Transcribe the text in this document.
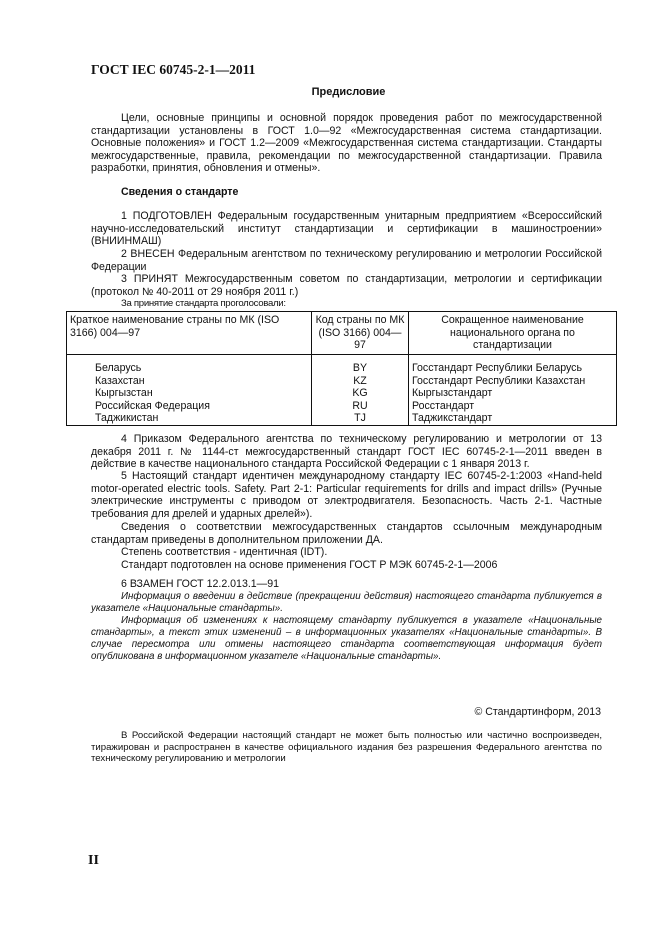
ГОСТ IEC 60745-2-1—2011
Предисловие
Цели, основные принципы и основной порядок проведения работ по межгосударственной стандартизации установлены в ГОСТ 1.0—92 «Межгосударственная система стандартизации. Основные положения» и ГОСТ 1.2—2009 «Межгосударственная система стандартизации. Стандарты межгосударственные, правила, рекомендации по межгосударственной стандартизации. Правила разработки, принятия, обновления и отмены».
Сведения о стандарте
1 ПОДГОТОВЛЕН Федеральным государственным унитарным предприятием «Всероссийский научно-исследовательский институт стандартизации и сертификации в машиностроении» (ВНИИНМАШ)
2 ВНЕСЕН Федеральным агентством по техническому регулированию и метрологии Российской Федерации
3 ПРИНЯТ Межгосударственным советом по стандартизации, метрологии и сертификации (протокол № 40-2011 от 29 ноября 2011 г.)
За принятие стандарта проголосовали:
Краткое наименование страны по МК (ISO 3166) 004—97	Код страны по МК (ISO 3166) 004—97	Сокращенное наименование национального органа по стандартизации

Беларусь	BY	Госстандарт Республики Беларусь
Казахстан	KZ	Госстандарт Республики Казахстан
Кыргызстан	KG	Кыргызстандарт
Российская Федерация	RU	Росстандарт
Таджикистан	TJ	Таджикстандарт
4 Приказом Федерального агентства по техническому регулированию и метрологии от 13 декабря 2011 г. № 1144-ст межгосударственный стандарт ГОСТ IEC 60745-2-1—2011 введен в действие в качестве национального стандарта Российской Федерации с 1 января 2013 г.
5 Настоящий стандарт идентичен международному стандарту IEC 60745-2-1:2003 «Hand-held motor-operated electric tools. Safety. Part 2-1: Particular requirements for drills and impact drills» (Ручные электрические инструменты с приводом от электродвигателя. Безопасность. Часть 2-1. Частные требования для дрелей и ударных дрелей»).
Сведения о соответствии межгосударственных стандартов ссылочным международным стандартам приведены в дополнительном приложении ДА.
Степень соответствия - идентичная (IDT).
Стандарт подготовлен на основе применения ГОСТ Р МЭК 60745-2-1—2006
6 ВЗАМЕН ГОСТ 12.2.013.1—91
Информация о введении в действие (прекращении действия) настоящего стандарта публикуется в указателе «Национальные стандарты».
Информация об изменениях к настоящему стандарту публикуется в указателе «Национальные стандарты», а текст этих изменений – в информационных указателях «Национальные стандарты». В случае пересмотра или отмены настоящего стандарта соответствующая информация будет опубликована в информационном указателе «Национальные стандарты».
© Стандартинформ, 2013
В Российской Федерации настоящий стандарт не может быть полностью или частично воспроизведен, тиражирован и распространен в качестве официального издания без разрешения Федерального агентства по техническому регулированию и метрологии
II
